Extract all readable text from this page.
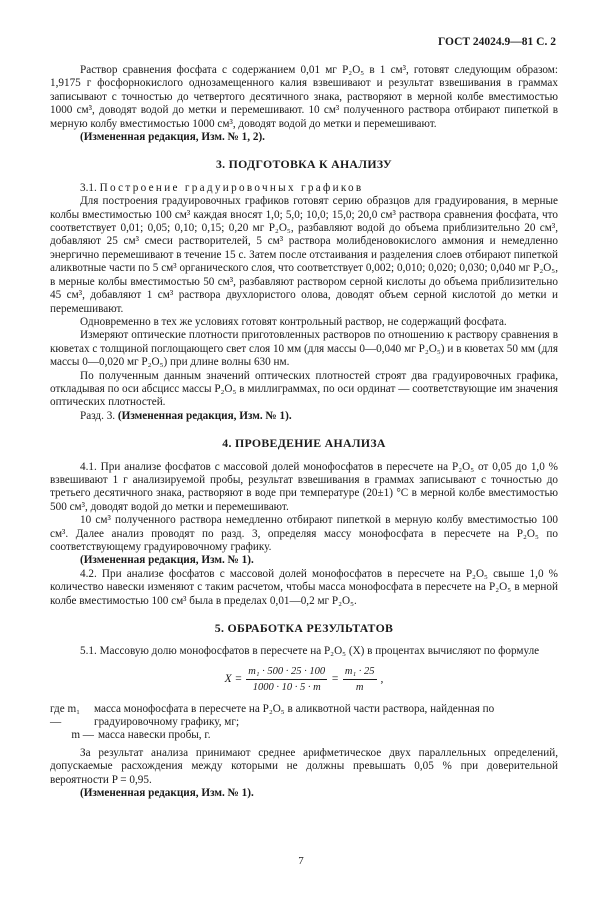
ГОСТ 24024.9—81 С. 2

Раствор сравнения фосфата с содержанием 0,01 мг P₂O₅ в 1 см³, готовят следующим образом: 1,9175 г фосфорнокислого однозамещенного калия взвешивают и результат взвешивания в граммах записывают с точностью до четвертого десятичного знака, растворяют в мерной колбе вместимостью 1000 см³, доводят водой до метки и перемешивают. 10 см³ полученного раствора отбирают пипеткой в мерную колбу вместимостью 1000 см³, доводят водой до метки и перемешивают.

(Измененная редакция, Изм. № 1, 2).

3. ПОДГОТОВКА К АНАЛИЗУ

3.1. Построение градуировочных графиков

Для построения градуировочных графиков готовят серию образцов для градуирования, в мерные колбы вместимостью 100 см³ каждая вносят 1,0; 5,0; 10,0; 15,0; 20,0 см³ раствора сравнения фосфата, что соответствует 0,01; 0,05; 0,10; 0,15; 0,20 мг P₂O₅, разбавляют водой до объема приблизительно 20 см³, добавляют 25 см³ смеси растворителей, 5 см³ раствора молибденовокислого аммония и немедленно энергично перемешивают в течение 15 с. Затем после отстаивания и разделения слоев отбирают пипеткой аликвотные части по 5 см³ органического слоя, что соответствует 0,002; 0,010; 0,020; 0,030; 0,040 мг P₂O₅, в мерные колбы вместимостью 50 см³, разбавляют раствором серной кислоты до объема приблизительно 45 см³, добавляют 1 см³ раствора двухлористого олова, доводят объем серной кислотой до метки и перемешивают.

Одновременно в тех же условиях готовят контрольный раствор, не содержащий фосфата.

Измеряют оптические плотности приготовленных растворов по отношению к раствору сравнения в кюветах с толщиной поглощающего свет слоя 10 мм (для массы 0—0,040 мг P₂O₅) и в кюветах 50 мм (для массы 0—0,020 мг P₂O₅) при длине волны 630 нм.

По полученным данным значений оптических плотностей строят два градуировочных графика, откладывая по оси абсцисс массы P₂O₅ в миллиграммах, по оси ординат — соответствующие им значения оптических плотностей.

Разд. 3. (Измененная редакция, Изм. № 1).

4. ПРОВЕДЕНИЕ АНАЛИЗА

4.1. При анализе фосфатов с массовой долей монофосфатов в пересчете на P₂O₅ от 0,05 до 1,0 % взвешивают 1 г анализируемой пробы, результат взвешивания в граммах записывают с точностью до третьего десятичного знака, растворяют в воде при температуре (20±1) °С в мерной колбе вместимостью 500 см³, доводят водой до метки и перемешивают.

10 см³ полученного раствора немедленно отбирают пипеткой в мерную колбу вместимостью 100 см³. Далее анализ проводят по разд. 3, определяя массу монофосфата в пересчете на P₂O₅ по соответствующему градуировочному графику.

(Измененная редакция, Изм. № 1).

4.2. При анализе фосфатов с массовой долей монофосфатов в пересчете на P₂O₅ свыше 1,0 % количество навески изменяют с таким расчетом, чтобы масса монофосфата в пересчете на P₂O₅ в мерной колбе вместимостью 100 см³ была в пределах 0,01—0,2 мг P₂O₅.

5. ОБРАБОТКА РЕЗУЛЬТАТОВ

5.1. Массовую долю монофосфатов в пересчете на P₂O₅ (X) в процентах вычисляют по формуле

$X = \frac{\text{m₁ · 500 · 25 · 100}}{1000 \cdot 10 \cdot 5 \cdot m} = \frac{\text{m₁ · 25}}{m}$ ,
где m₁ —
масса монофосфата в пересчете на P₂O₅ в аликвотной части раствора, найденная по градуировочному графику, мг;
m — масса навески пробы, г.

За результат анализа принимают среднее арифметическое двух параллельных определений, допускаемые расхождения между которыми не должны превышать 0,05 % при доверительной вероятности P = 0,95.

(Измененная редакция, Изм. № 1).

7
